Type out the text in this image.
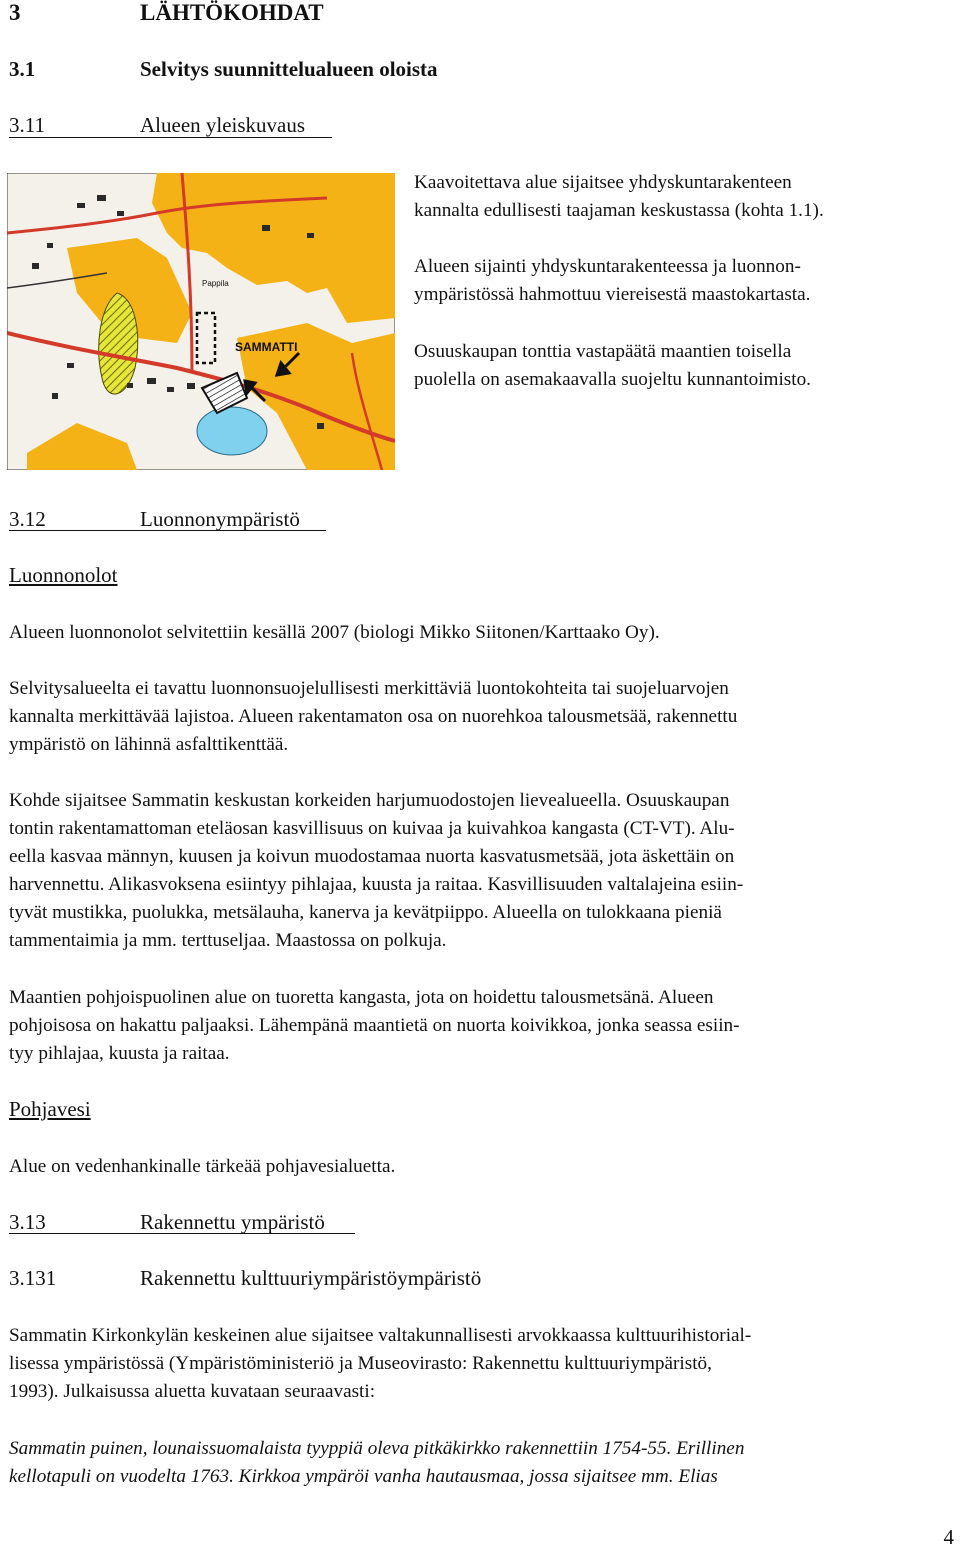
3	LÄHTÖKOHDAT
3.1	Selvitys suunnittelualueen oloista
3.11	Alueen yleiskuvaus
SAMMATTI
Pappila
Kaavoitettava alue sijaitsee yhdyskuntarakenteen
kannalta edullisesti taajaman keskustassa (kohta 1.1).
Alueen sijainti yhdyskuntarakenteessa ja luonnon-
ympäristössä hahmottuu viereisestä maastokartasta.
Osuuskaupan tonttia vastapäätä maantien toisella
puolella on asemakaavalla suojeltu kunnantoimisto.
3.12	Luonnonympäristö
Luonnonolot
Alueen luonnonolot selvitettiin kesällä 2007 (biologi Mikko Siitonen/Karttaako Oy).
Selvitysalueelta ei tavattu luonnonsuojelullisesti merkittäviä luontokohteita tai suojeluarvojen
kannalta merkittävää lajistoa. Alueen rakentamaton osa on nuorehkoa talousmetsää, rakennettu
ympäristö on lähinnä asfalttikenttää.
Kohde sijaitsee Sammatin keskustan korkeiden harjumuodostojen lievealueella. Osuuskaupan
tontin rakentamattoman eteläosan kasvillisuus on kuivaa ja kuivahkoa kangasta (CT-VT). Alu-
eella kasvaa männyn, kuusen ja koivun muodostamaa nuorta kasvatusmetsää, jota äskettäin on
harvennettu. Alikasvoksena esiintyy pihlajaa, kuusta ja raitaa. Kasvillisuuden valtalajeina esiin-
tyvät mustikka, puolukka, metsälauha, kanerva ja kevätpiippo. Alueella on tulokkaana pieniä
tammentaimia ja mm. terttuseljaa. Maastossa on polkuja.
Maantien pohjoispuolinen alue on tuoretta kangasta, jota on hoidettu talousmetsänä. Alueen
pohjoisosa on hakattu paljaaksi. Lähempänä maantietä on nuorta koivikkoa, jonka seassa esiin-
tyy pihlajaa, kuusta ja raitaa.
Pohjavesi
Alue on vedenhankinalle tärkeää pohjavesialuetta.
3.13	Rakennettu ympäristö
3.131	Rakennettu kulttuuriympäristöympäristö
Sammatin Kirkonkylän keskeinen alue sijaitsee valtakunnallisesti arvokkaassa kulttuurihistorial-
lisessa ympäristössä (Ympäristöministeriö ja Museovirasto: Rakennettu kulttuuriympäristö,
1993). Julkaisussa aluetta kuvataan seuraavasti:
Sammatin puinen, lounaissuomalaista tyyppiä oleva pitkäkirkko rakennettiin 1754-55. Erillinen
kellotapuli on vuodelta 1763. Kirkkoa ympäröi vanha hautausmaa, jossa sijaitsee mm. Elias
4
